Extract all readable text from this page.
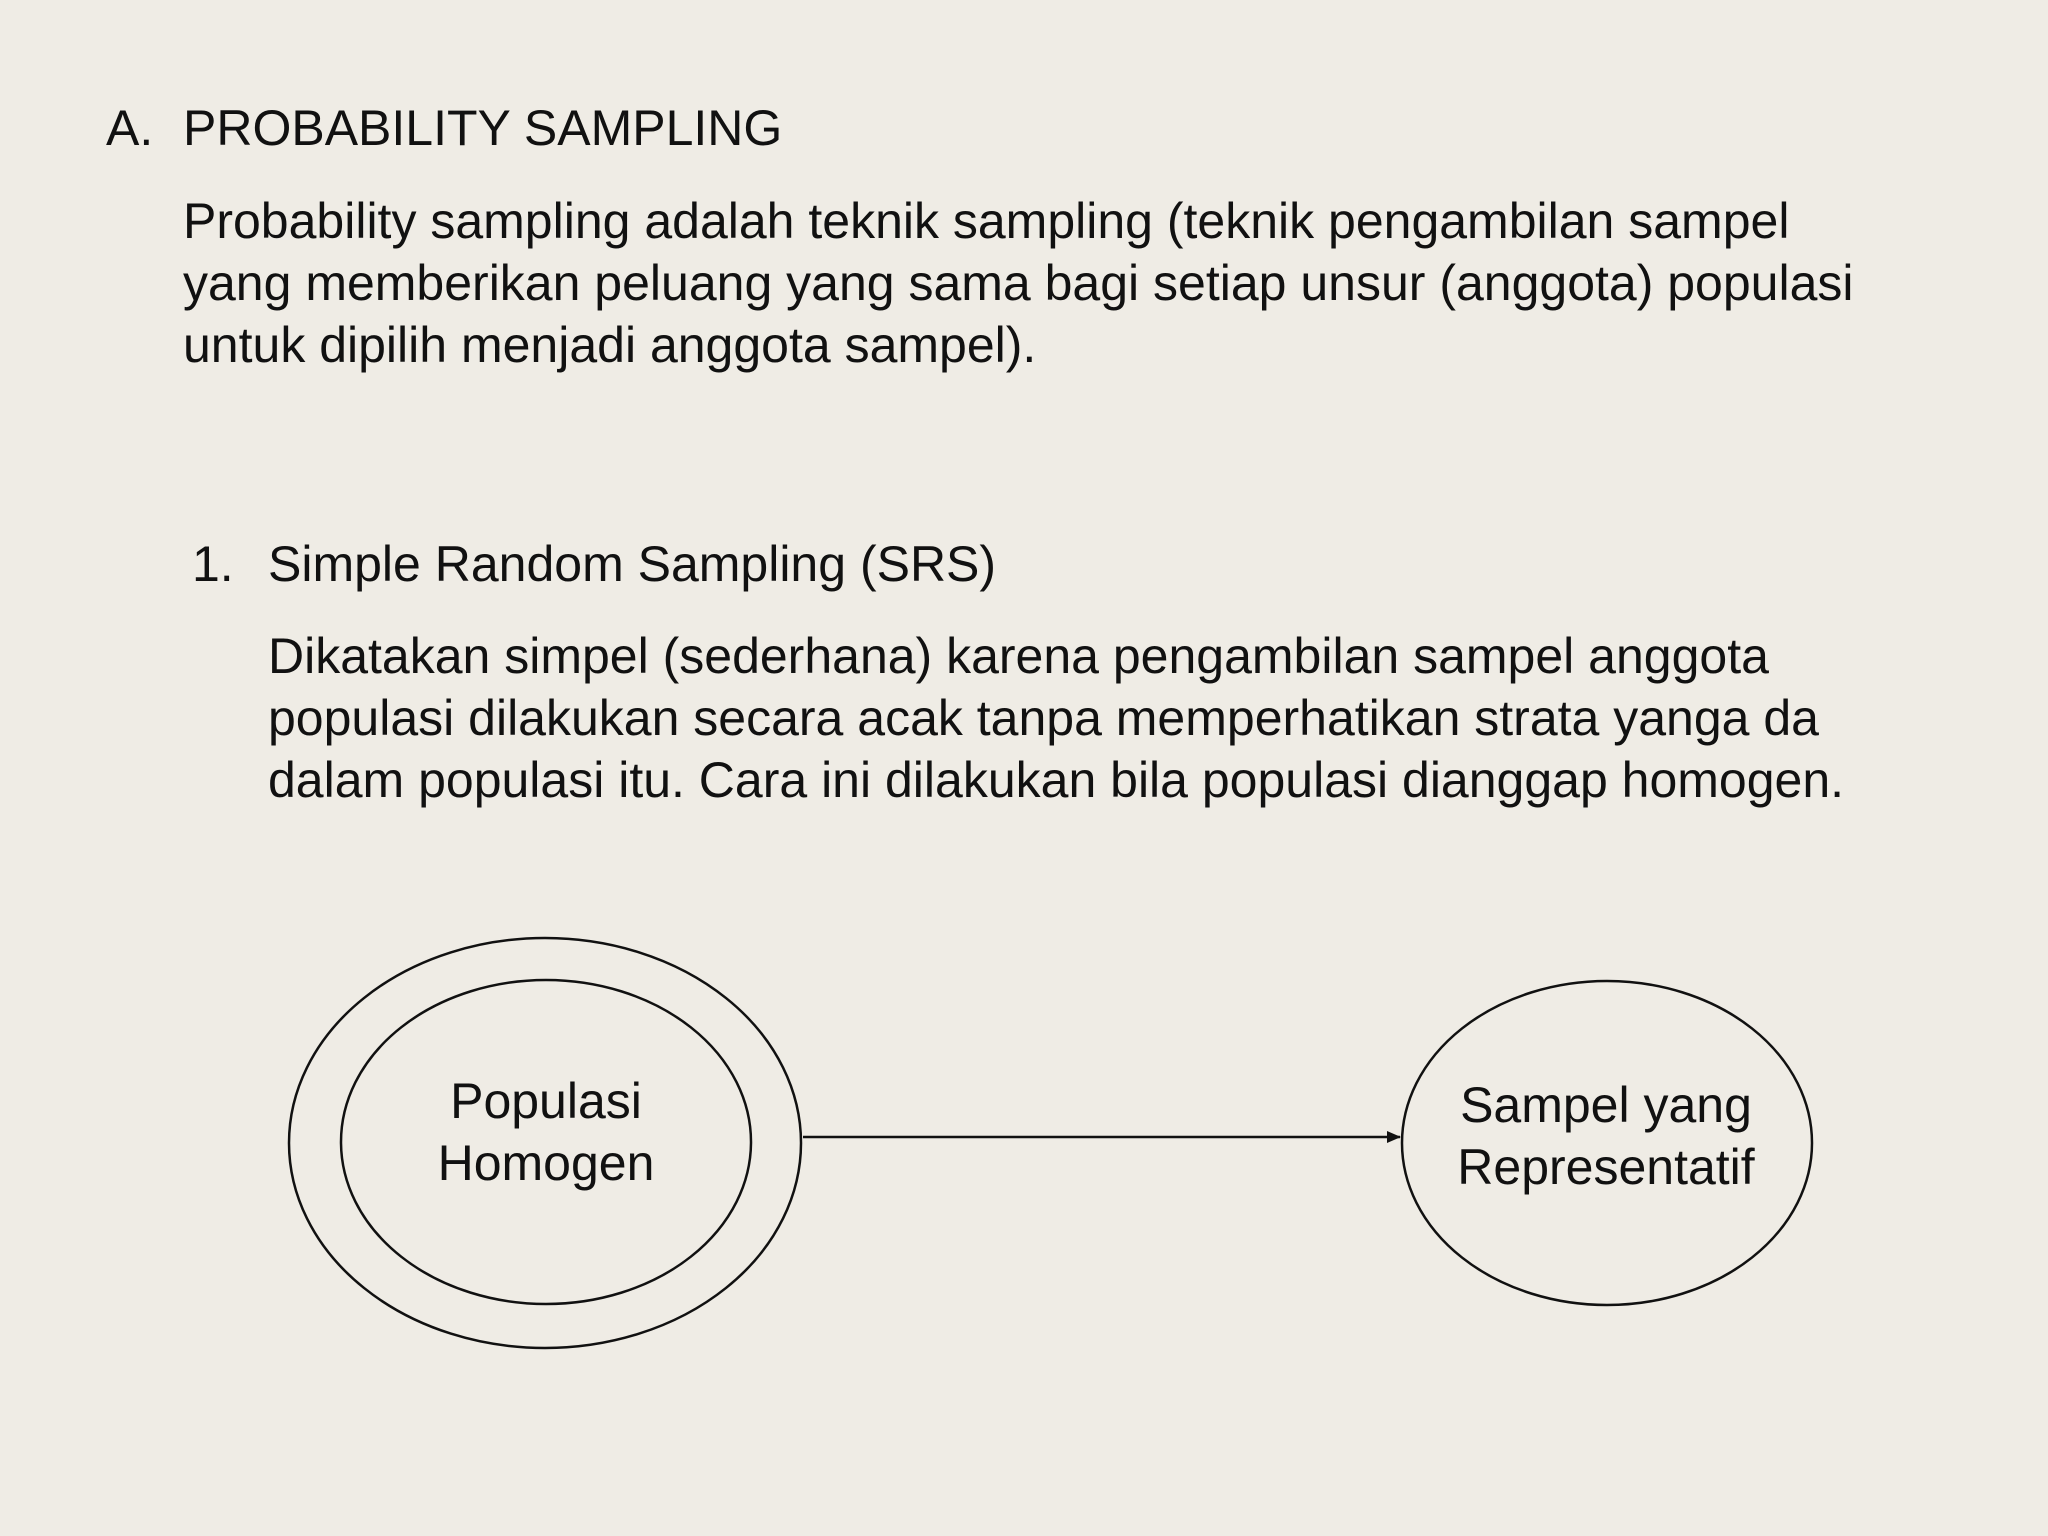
A. PROBABILITY SAMPLING
Probability sampling adalah teknik sampling (teknik pengambilan sampel
yang memberikan peluang yang sama bagi setiap unsur (anggota) populasi
untuk dipilih menjadi anggota sampel).
1. Simple Random Sampling (SRS)
Dikatakan simpel (sederhana) karena pengambilan sampel anggota
populasi dilakukan secara acak tanpa memperhatikan strata yanga da
dalam populasi itu. Cara ini dilakukan bila populasi dianggap homogen.
Populasi
Homogen
Sampel yang
Representatif
